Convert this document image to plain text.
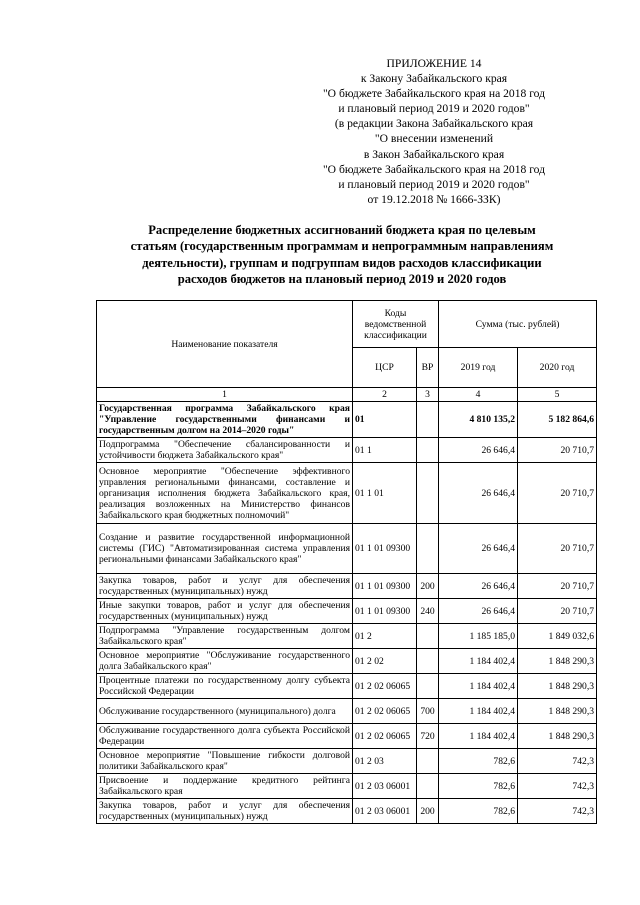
ПРИЛОЖЕНИЕ 14
к Закону Забайкальского края
"О бюджете Забайкальского края на 2018 год
и плановый период 2019 и 2020 годов"
(в редакции Закона Забайкальского края
"О внесении изменений
в Закон Забайкальского края
"О бюджете Забайкальского края на 2018 год
и плановый период 2019 и 2020 годов"
от 19.12.2018 № 1666-ЗЗК)
Распределение бюджетных ассигнований бюджета края по целевым
статьям (государственным программам и непрограммным направлениям
деятельности), группам и подгруппам видов расходов классификации
расходов бюджетов на плановый период 2019 и 2020 годов
Наименование показателя	Коды ведомственной классификации		Сумма (тыс. рублей)	
	ЦСР	ВР	2019 год	2020 год
1	2	3	4	5
Государственная программа Забайкальского края "Управление государственными финансами и государственным долгом на 2014–2020 годы"	01		4 810 135,2	5 182 864,6
Подпрограмма "Обеспечение сбалансированности и устойчивости бюджета Забайкальского края"	01 1		26 646,4	20 710,7
Основное мероприятие "Обеспечение эффективного управления региональными финансами, составление и организация исполнения бюджета Забайкальского края, реализация возложенных на Министерство финансов Забайкальского края бюджетных полномочий"	01 1 01		26 646,4	20 710,7
Создание и развитие государственной информационной системы (ГИС) "Автоматизированная система управления региональными финансами Забайкальского края"	01 1 01 09300		26 646,4	20 710,7
Закупка товаров, работ и услуг для обеспечения государственных (муниципальных) нужд	01 1 01 09300	200	26 646,4	20 710,7
Иные закупки товаров, работ и услуг для обеспечения государственных (муниципальных) нужд	01 1 01 09300	240	26 646,4	20 710,7
Подпрограмма "Управление государственным долгом Забайкальского края"	01 2		1 185 185,0	1 849 032,6
Основное мероприятие "Обслуживание государственного долга Забайкальского края"	01 2 02		1 184 402,4	1 848 290,3
Процентные платежи по государственному долгу субъекта Российской Федерации	01 2 02 06065		1 184 402,4	1 848 290,3
Обслуживание государственного (муниципального) долга	01 2 02 06065	700	1 184 402,4	1 848 290,3
Обслуживание государственного долга субъекта Российской Федерации	01 2 02 06065	720	1 184 402,4	1 848 290,3
Основное мероприятие "Повышение гибкости долговой политики Забайкальского края"	01 2 03		782,6	742,3
Присвоение и поддержание кредитного рейтинга Забайкальского края	01 2 03 06001		782,6	742,3
Закупка товаров, работ и услуг для обеспечения государственных (муниципальных) нужд	01 2 03 06001	200	782,6	742,3
